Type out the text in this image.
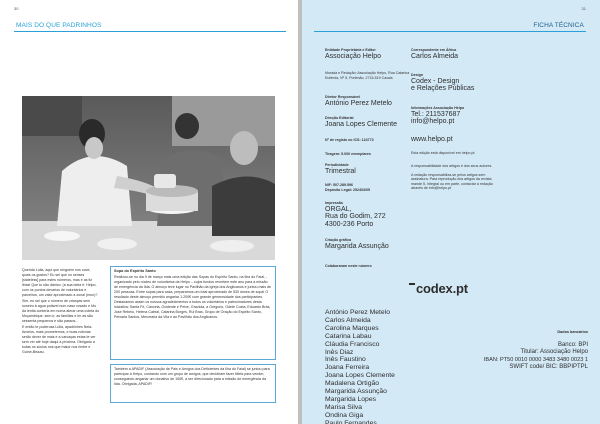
30
MAIS DO QUE PADRINHOS

Querida Lúlia, aqui que ninguém nos ouve, quais os gostos? Eu sei que no senses [stateless] para estes números, mas e as fiz ilhas! Que tu são dânico: (a sua ideia é: Helpo, com os pontos devarios de voluntários e parceiros, um valor aproximado a zonal (euro)?

Sim, eu sei que o número de crianças sem soneiro à agua potável num naso rosado e Mo da lentia conteria em numa alerar uma coleta do Moçambique, sem-ir, as familias e ler as são sessenta pequenos e são passos...

E então te poderosa Lúlia, apadrinhes Nela-Amelos, mais prometemos, e boas notícias serão dever de mais e a carcaças estas te ver sem ver até hoje daqui a próxima. Obrigado a todas os sócios nos que maior nos rimbe e Guiné-Bissau.

Sopa do Espírito Santo
Realizou-se no dia 9 de março mais uma edição das Sopas do Espírito Santo, na Ilha do Faial, - organizado pelo núcleo de voluntários da Helpo – cujos fundos revertem este ano para a missão de emergência da Ilda. O almoço teve lugar no Pavilhão da Igreja dos Anglicanos e juntou mais de 200 pessoas. Entre sopas para casa, preparamos um total aproximado de 530 doses de sopa! O resultado deste almoço permitiu angariar 1.200€ com grande generosidade dos participantes. Destacamos assim os nossos agradecimentos a todos os voluntários e patrocinadores desta iniciativa: Santa Fé, Cancela, Ocidente e Peixe, Graviola, a Gregorio, Odete Costa, Eduardo Brás, Jose Rebelo, Helena Cabral, Catarina Borges, Rui Bras, Grupo de Oração do Espirito Santo, Peixaria Santos, Mercearia da Vila e ao Pavilhão dos Anglicanos.
Também a APADIF (Associação de Pais e Amigos dos Deficientes da Ilha do Faial) se juntou para participar à Helpo, contando com um grupo de amigos, que decidiram fazer fillets para vender, conseguindo angariar um donativo de 150€, a ser direcionado para a missão de emergência da Ilda. Obrigada, APADIF!
31
FICHA TÉCNICA
Entidade Proprietária e Editor
Associação Helpo
Morada e Redação: Associação Helpo, Rua Catarina Eufémia, Nº 5, Portimão, 2715-519 Caxais
Diretor Responsável
António Perez Metelo
Direção Editorial
Joana Lopes Clemente
Nº de registo no ICS: 124773
Tiragem: 5.000 exemplares
Periodicidade
Trimestral
NIF: 507.289.596
Depósito Legal: 252403/05
Impressão
ORGAL,
Rua do Godim, 272
4300-236 Porto
Criação gráfica
Margarida Assunção
Colaboraram neste número
António Perez Metelo
Carlos Almeida
Carolina Marques
Catarina Labau
Cláudia Francisco
Inês Diaz
Inês Faustino
Joana Ferreira
Joana Lopes Clemente
Madalena Ortigão
Margarida Assunção
Margarida Lopes
Marisa Silva
Ondina Giga
Paulo Fernandes
Correspondente em África
Carlos Almeida
Design
Codex - Design
e Relações Públicas
Informações Associação Helpo
Tel.: 211537687
info@helpo.pt
www.helpo.pt
Esta edição está disponível em helpo.pt
A responsabilidade dos artigos é dos seus autores.
A redação responsabiliza-se pelos artigos sem assinatura. Para reprodução dos artigos da revista mande 5, Integral ou em parte, contactar a redação através de info@helpo.pt
codex.pt
Dados bancários
Banco: BPI
Titular: Associação Helpo
IBAN: PT50 0010 0000 3483 3480 0023 1
SWIFT code/ BIC: BBPIPTPL
